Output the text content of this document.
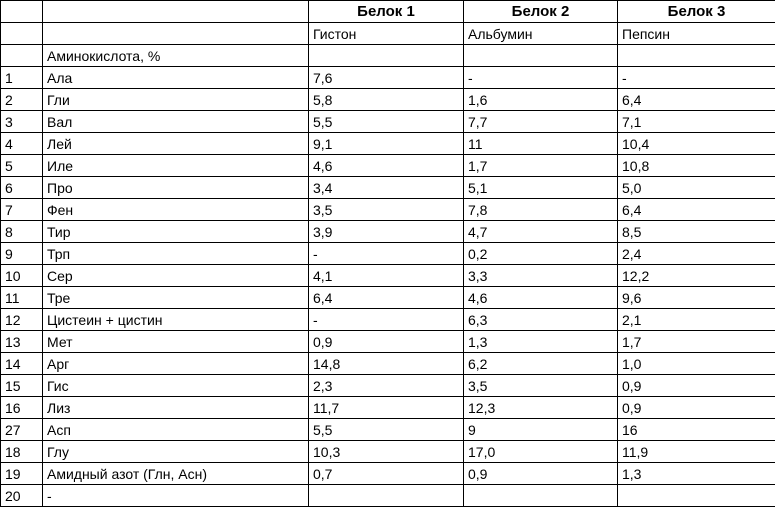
		Белок 1	Белок 2	Белок 3
		Гистон	Альбумин	Пепсин
	Аминокислота, %			
1	Ала	7,6	-	-
2	Гли	5,8	1,6	6,4
3	Вал	5,5	7,7	7,1
4	Лей	9,1	11	10,4
5	Иле	4,6	1,7	10,8
6	Про	3,4	5,1	5,0
7	Фен	3,5	7,8	6,4
8	Тир	3,9	4,7	8,5
9	Трп	-	0,2	2,4
10	Сер	4,1	3,3	12,2
11	Тре	6,4	4,6	9,6
12	Цистеин + цистин	-	6,3	2,1
13	Мет	0,9	1,3	1,7
14	Арг	14,8	6,2	1,0
15	Гис	2,3	3,5	0,9
16	Лиз	11,7	12,3	0,9
27	Асп	5,5	9	16
18	Глу	10,3	17,0	11,9
19	Амидный азот (Глн, Асн)	0,7	0,9	1,3
20	-			
